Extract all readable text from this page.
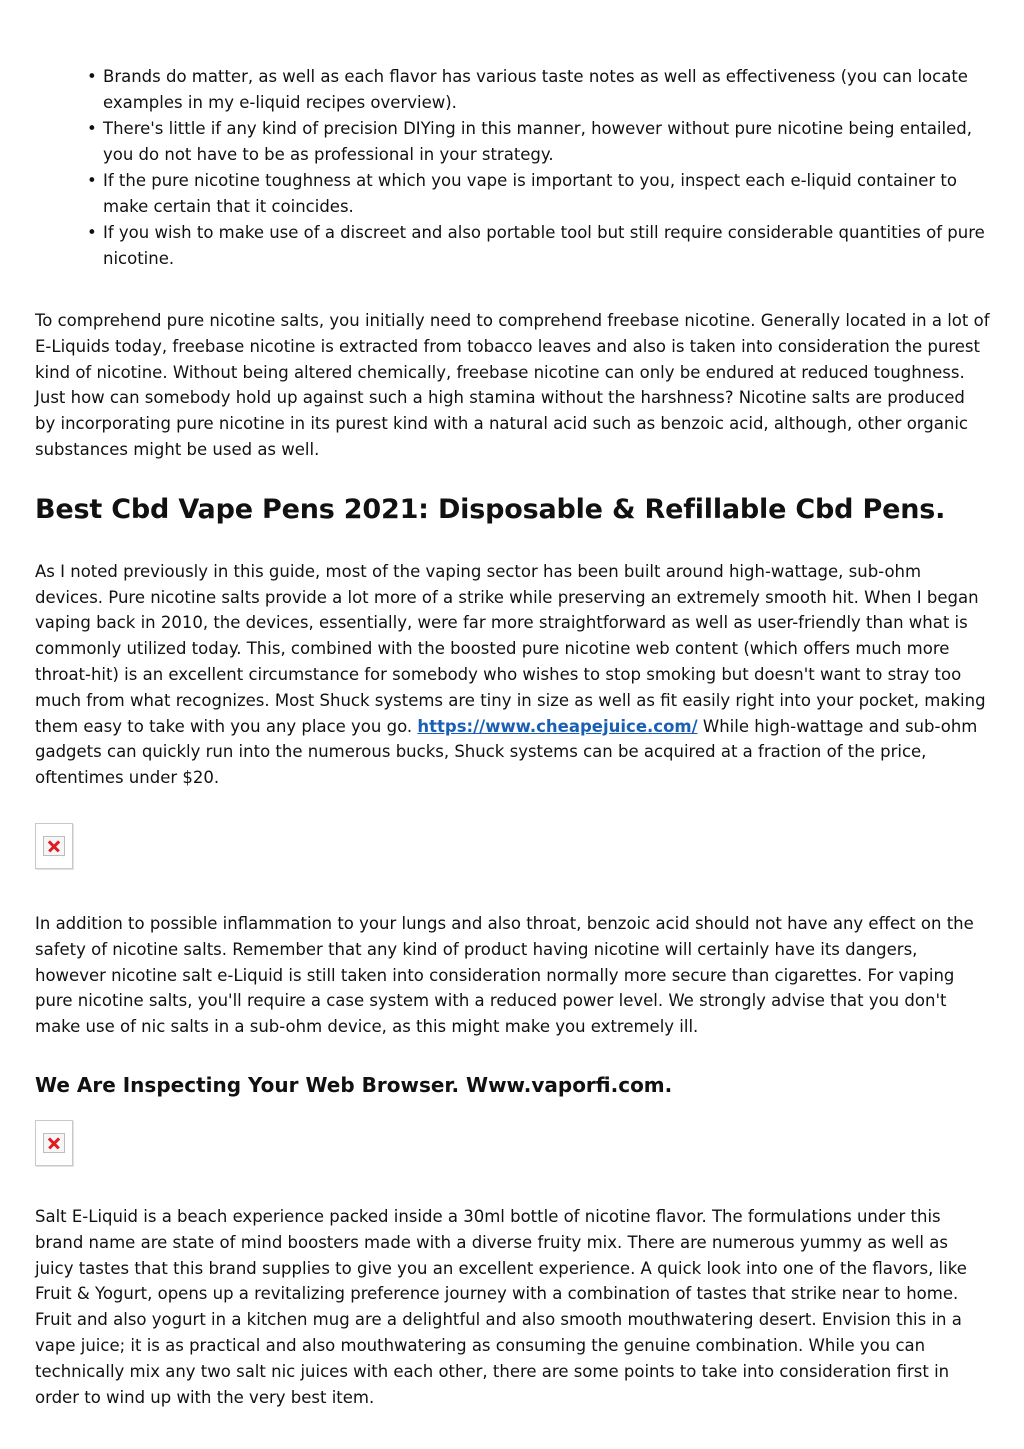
• Brands do matter, as well as each flavor has various taste notes as well as effectiveness (you can locate examples in my e-liquid recipes overview).
• There's little if any kind of precision DIYing in this manner, however without pure nicotine being entailed, you do not have to be as professional in your strategy.
• If the pure nicotine toughness at which you vape is important to you, inspect each e-liquid container to make certain that it coincides.
• If you wish to make use of a discreet and also portable tool but still require considerable quantities of pure nicotine.

To comprehend pure nicotine salts, you initially need to comprehend freebase nicotine. Generally located in a lot of E-Liquids today, freebase nicotine is extracted from tobacco leaves and also is taken into consideration the purest kind of nicotine. Without being altered chemically, freebase nicotine can only be endured at reduced toughness. Just how can somebody hold up against such a high stamina without the harshness? Nicotine salts are produced by incorporating pure nicotine in its purest kind with a natural acid such as benzoic acid, although, other organic substances might be used as well.

Best Cbd Vape Pens 2021: Disposable & Refillable Cbd Pens.

As I noted previously in this guide, most of the vaping sector has been built around high-wattage, sub-ohm devices. Pure nicotine salts provide a lot more of a strike while preserving an extremely smooth hit. When I began vaping back in 2010, the devices, essentially, were far more straightforward as well as user-friendly than what is commonly utilized today. This, combined with the boosted pure nicotine web content (which offers much more throat-hit) is an excellent circumstance for somebody who wishes to stop smoking but doesn't want to stray too much from what recognizes. Most Shuck systems are tiny in size as well as fit easily right into your pocket, making them easy to take with you any place you go. https://www.cheapejuice.com/ While high-wattage and sub-ohm gadgets can quickly run into the numerous bucks, Shuck systems can be acquired at a fraction of the price, oftentimes under $20.

In addition to possible inflammation to your lungs and also throat, benzoic acid should not have any effect on the safety of nicotine salts. Remember that any kind of product having nicotine will certainly have its dangers, however nicotine salt e-Liquid is still taken into consideration normally more secure than cigarettes. For vaping pure nicotine salts, you'll require a case system with a reduced power level. We strongly advise that you don't make use of nic salts in a sub-ohm device, as this might make you extremely ill.

We Are Inspecting Your Web Browser. Www.vaporfi.com.

Salt E-Liquid is a beach experience packed inside a 30ml bottle of nicotine flavor. The formulations under this brand name are state of mind boosters made with a diverse fruity mix. There are numerous yummy as well as juicy tastes that this brand supplies to give you an excellent experience. A quick look into one of the flavors, like Fruit & Yogurt, opens up a revitalizing preference journey with a combination of tastes that strike near to home. Fruit and also yogurt in a kitchen mug are a delightful and also smooth mouthwatering desert. Envision this in a vape juice; it is as practical and also mouthwatering as consuming the genuine combination. While you can technically mix any two salt nic juices with each other, there are some points to take into consideration first in order to wind up with the very best item.
